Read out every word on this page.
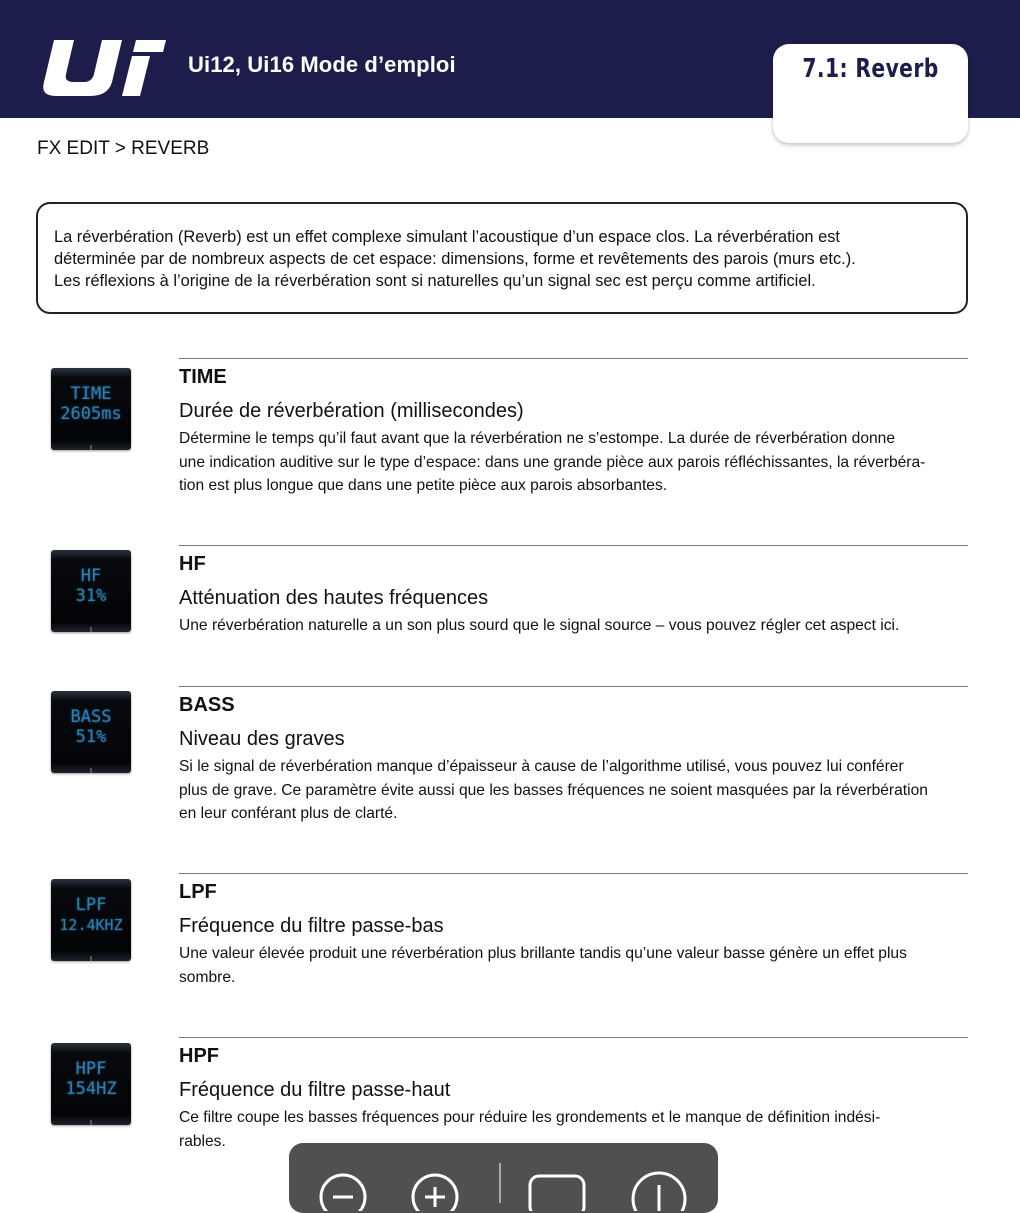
Ui12, Ui16 Mode d’emploi	7.1: Reverb
FX EDIT > REVERB
La réverbération (Reverb) est un effet complexe simulant l’acoustique d’un espace clos. La réverbération est
déterminée par de nombreux aspects de cet espace: dimensions, forme et revêtements des parois (murs etc.).
Les réflexions à l’origine de la réverbération sont si naturelles qu’un signal sec est perçu comme artificiel.
TIME
2605ms
TIME
Durée de réverbération (millisecondes)
Détermine le temps qu’il faut avant que la réverbération ne s’estompe. La durée de réverbération donne
une indication auditive sur le type d’espace: dans une grande pièce aux parois réfléchissantes, la réverbéra-
tion est plus longue que dans une petite pièce aux parois absorbantes.
HF
31%
HF
Atténuation des hautes fréquences
Une réverbération naturelle a un son plus sourd que le signal source – vous pouvez régler cet aspect ici.
BASS
51%
BASS
Niveau des graves
Si le signal de réverbération manque d’épaisseur à cause de l’algorithme utilisé, vous pouvez lui conférer
plus de grave. Ce paramètre évite aussi que les basses fréquences ne soient masquées par la réverbération
en leur conférant plus de clarté.
LPF
12.4KHZ
LPF
Fréquence du filtre passe-bas
Une valeur élevée produit une réverbération plus brillante tandis qu’une valeur basse génère un effet plus
sombre.
HPF
154HZ
HPF
Fréquence du filtre passe-haut
Ce filtre coupe les basses fréquences pour réduire les grondements et le manque de définition indési-
rables.
